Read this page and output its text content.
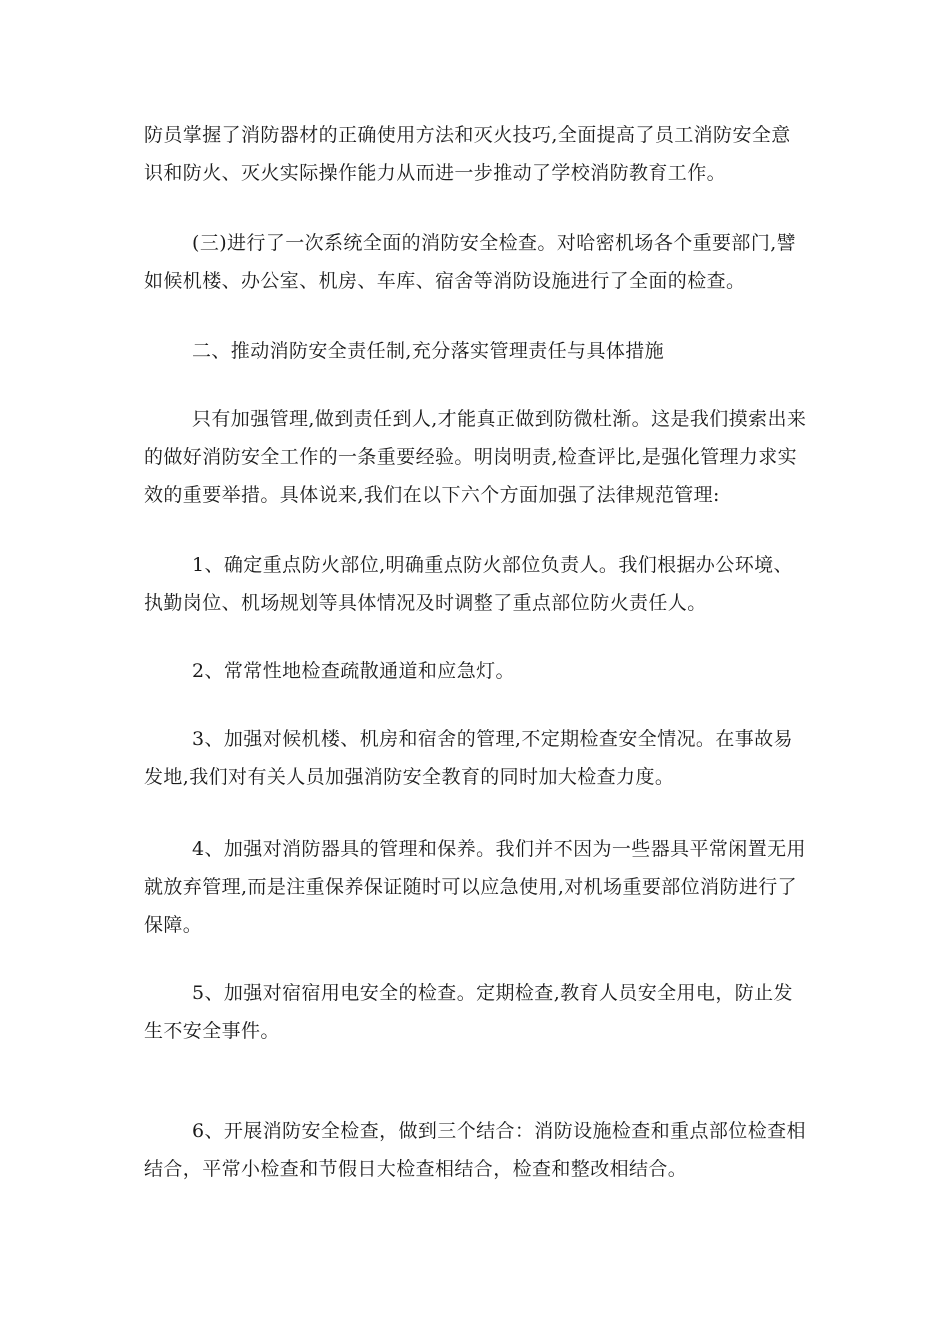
防员掌握了消防器材的正确使用方法和灭火技巧,全面提高了员工消防安全意识和防火、灭火实际操作能力从而进一步推动了学校消防教育工作。

(三)进行了一次系统全面的消防安全检查。对哈密机场各个重要部门,譬如候机楼、办公室、机房、车库、宿舍等消防设施进行了全面的检查。

二、推动消防安全责任制,充分落实管理责任与具体措施

只有加强管理,做到责任到人,才能真正做到防微杜渐。这是我们摸索出来的做好消防安全工作的一条重要经验。明岗明责,检查评比,是强化管理力求实效的重要举措。具体说来,我们在以下六个方面加强了法律规范管理:

1、确定重点防火部位,明确重点防火部位负责人。我们根据办公环境、执勤岗位、机场规划等具体情况及时调整了重点部位防火责任人。

2、常常性地检查疏散通道和应急灯。

3、加强对候机楼、机房和宿舍的管理,不定期检查安全情况。在事故易发地,我们对有关人员加强消防安全教育的同时加大检查力度。

4、加强对消防器具的管理和保养。我们并不因为一些器具平常闲置无用就放弃管理,而是注重保养保证随时可以应急使用,对机场重要部位消防进行了保障。

5、加强对宿宿用电安全的检查。定期检查,教育人员安全用电，防止发生不安全事件。

6、开展消防安全检查，做到三个结合：消防设施检查和重点部位检查相结合，平常小检查和节假日大检查相结合，检查和整改相结合。
